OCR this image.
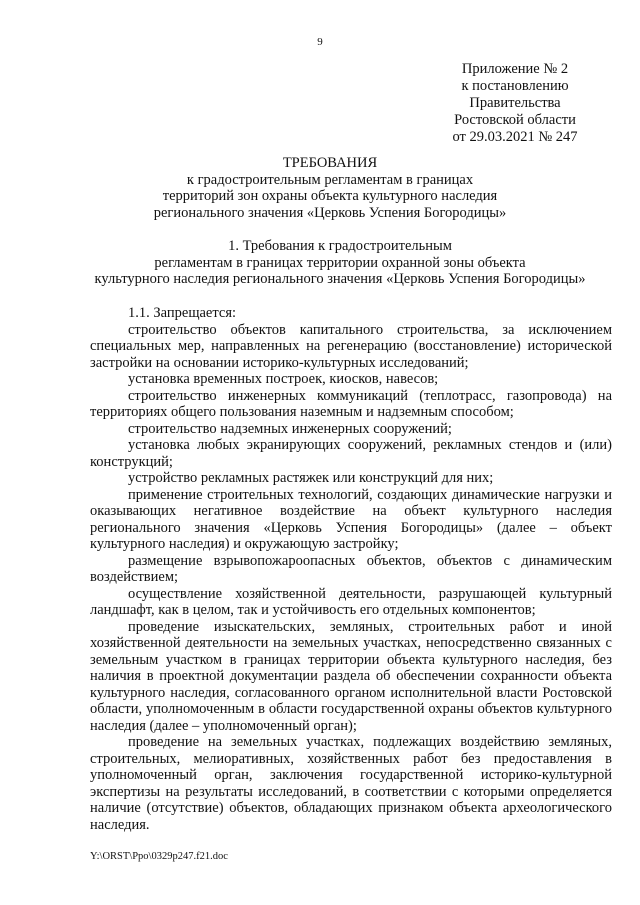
9
Приложение № 2
к постановлению
Правительства
Ростовской области
от 29.03.2021 № 247
ТРЕБОВАНИЯ
к градостроительным регламентам в границах
территорий зон охраны объекта культурного наследия
регионального значения «Церковь Успения Богородицы»
1. Требования к градостроительным
регламентам в границах территории охранной зоны объекта
культурного наследия регионального значения «Церковь Успения Богородицы»

1.1. Запрещается:

строительство объектов капитального строительства, за исключением специальных мер, направленных на регенерацию (восстановление) исторической застройки на основании историко-культурных исследований;

установка временных построек, киосков, навесов;

строительство инженерных коммуникаций (теплотрасс, газопровода) на территориях общего пользования наземным и надземным способом;

строительство надземных инженерных сооружений;

установка любых экранирующих сооружений, рекламных стендов и (или) конструкций;

устройство рекламных растяжек или конструкций для них;

применение строительных технологий, создающих динамические нагрузки и оказывающих негативное воздействие на объект культурного наследия регионального значения «Церковь Успения Богородицы» (далее – объект культурного наследия) и окружающую застройку;

размещение взрывопожароопасных объектов, объектов с динамическим воздействием;

осуществление хозяйственной деятельности, разрушающей культурный ландшафт, как в целом, так и устойчивость его отдельных компонентов;

проведение изыскательских, земляных, строительных работ и иной хозяйственной деятельности на земельных участках, непосредственно связанных с земельным участком в границах территории объекта культурного наследия, без наличия в проектной документации раздела об обеспечении сохранности объекта культурного наследия, согласованного органом исполнительной власти Ростовской области, уполномоченным в области государственной охраны объектов культурного наследия (далее – уполномоченный орган);

проведение на земельных участках, подлежащих воздействию земляных, строительных, мелиоративных, хозяйственных работ без предоставления в уполномоченный орган, заключения государственной историко-культурной экспертизы на результаты исследований, в соответствии с которыми определяется наличие (отсутствие) объектов, обладающих признаком объекта археологического наследия.

Y:\ORST\Ppo\0329p247.f21.doc
